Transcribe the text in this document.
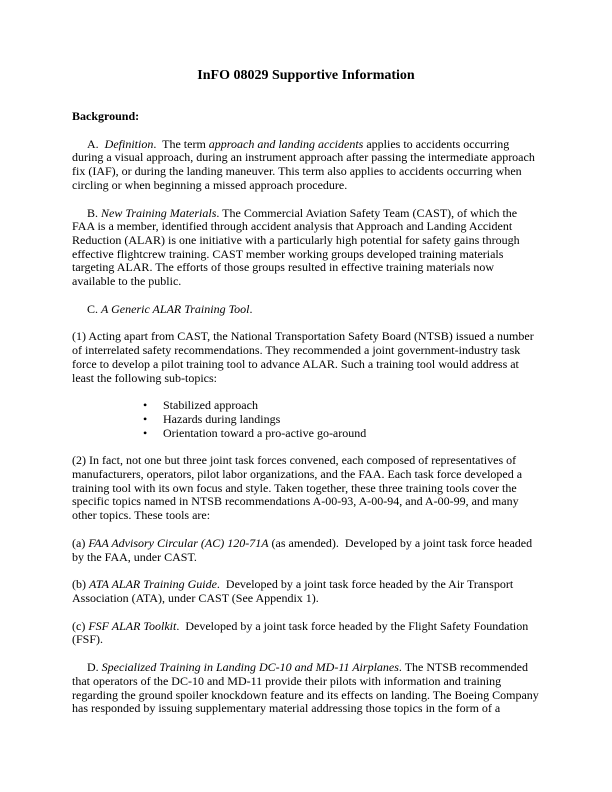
InFO 08029 Supportive Information
Background:

A.  Definition.  The term approach and landing accidents applies to accidents occurring during a visual approach, during an instrument approach after passing the intermediate approach fix (IAF), or during the landing maneuver. This term also applies to accidents occurring when circling or when beginning a missed approach procedure.

B. New Training Materials. The Commercial Aviation Safety Team (CAST), of which the FAA is a member, identified through accident analysis that Approach and Landing Accident Reduction (ALAR) is one initiative with a particularly high potential for safety gains through effective flightcrew training. CAST member working groups developed training materials targeting ALAR. The efforts of those groups resulted in effective training materials now available to the public.

C. A Generic ALAR Training Tool.

(1) Acting apart from CAST, the National Transportation Safety Board (NTSB) issued a number of interrelated safety recommendations. They recommended a joint government-industry task force to develop a pilot training tool to advance ALAR. Such a training tool would address at least the following sub-topics:

•	Stabilized approach
•	Hazards during landings
•	Orientation toward a pro-active go-around

(2) In fact, not one but three joint task forces convened, each composed of representatives of manufacturers, operators, pilot labor organizations, and the FAA. Each task force developed a training tool with its own focus and style. Taken together, these three training tools cover the specific topics named in NTSB recommendations A-00-93, A-00-94, and A-00-99, and many other topics. These tools are:

(a) FAA Advisory Circular (AC) 120-71A (as amended).  Developed by a joint task force headed by the FAA, under CAST.

(b) ATA ALAR Training Guide.  Developed by a joint task force headed by the Air Transport Association (ATA), under CAST (See Appendix 1).

(c) FSF ALAR Toolkit.  Developed by a joint task force headed by the Flight Safety Foundation (FSF).

D. Specialized Training in Landing DC-10 and MD-11 Airplanes. The NTSB recommended that operators of the DC-10 and MD-11 provide their pilots with information and training regarding the ground spoiler knockdown feature and its effects on landing. The Boeing Company has responded by issuing supplementary material addressing those topics in the form of a
